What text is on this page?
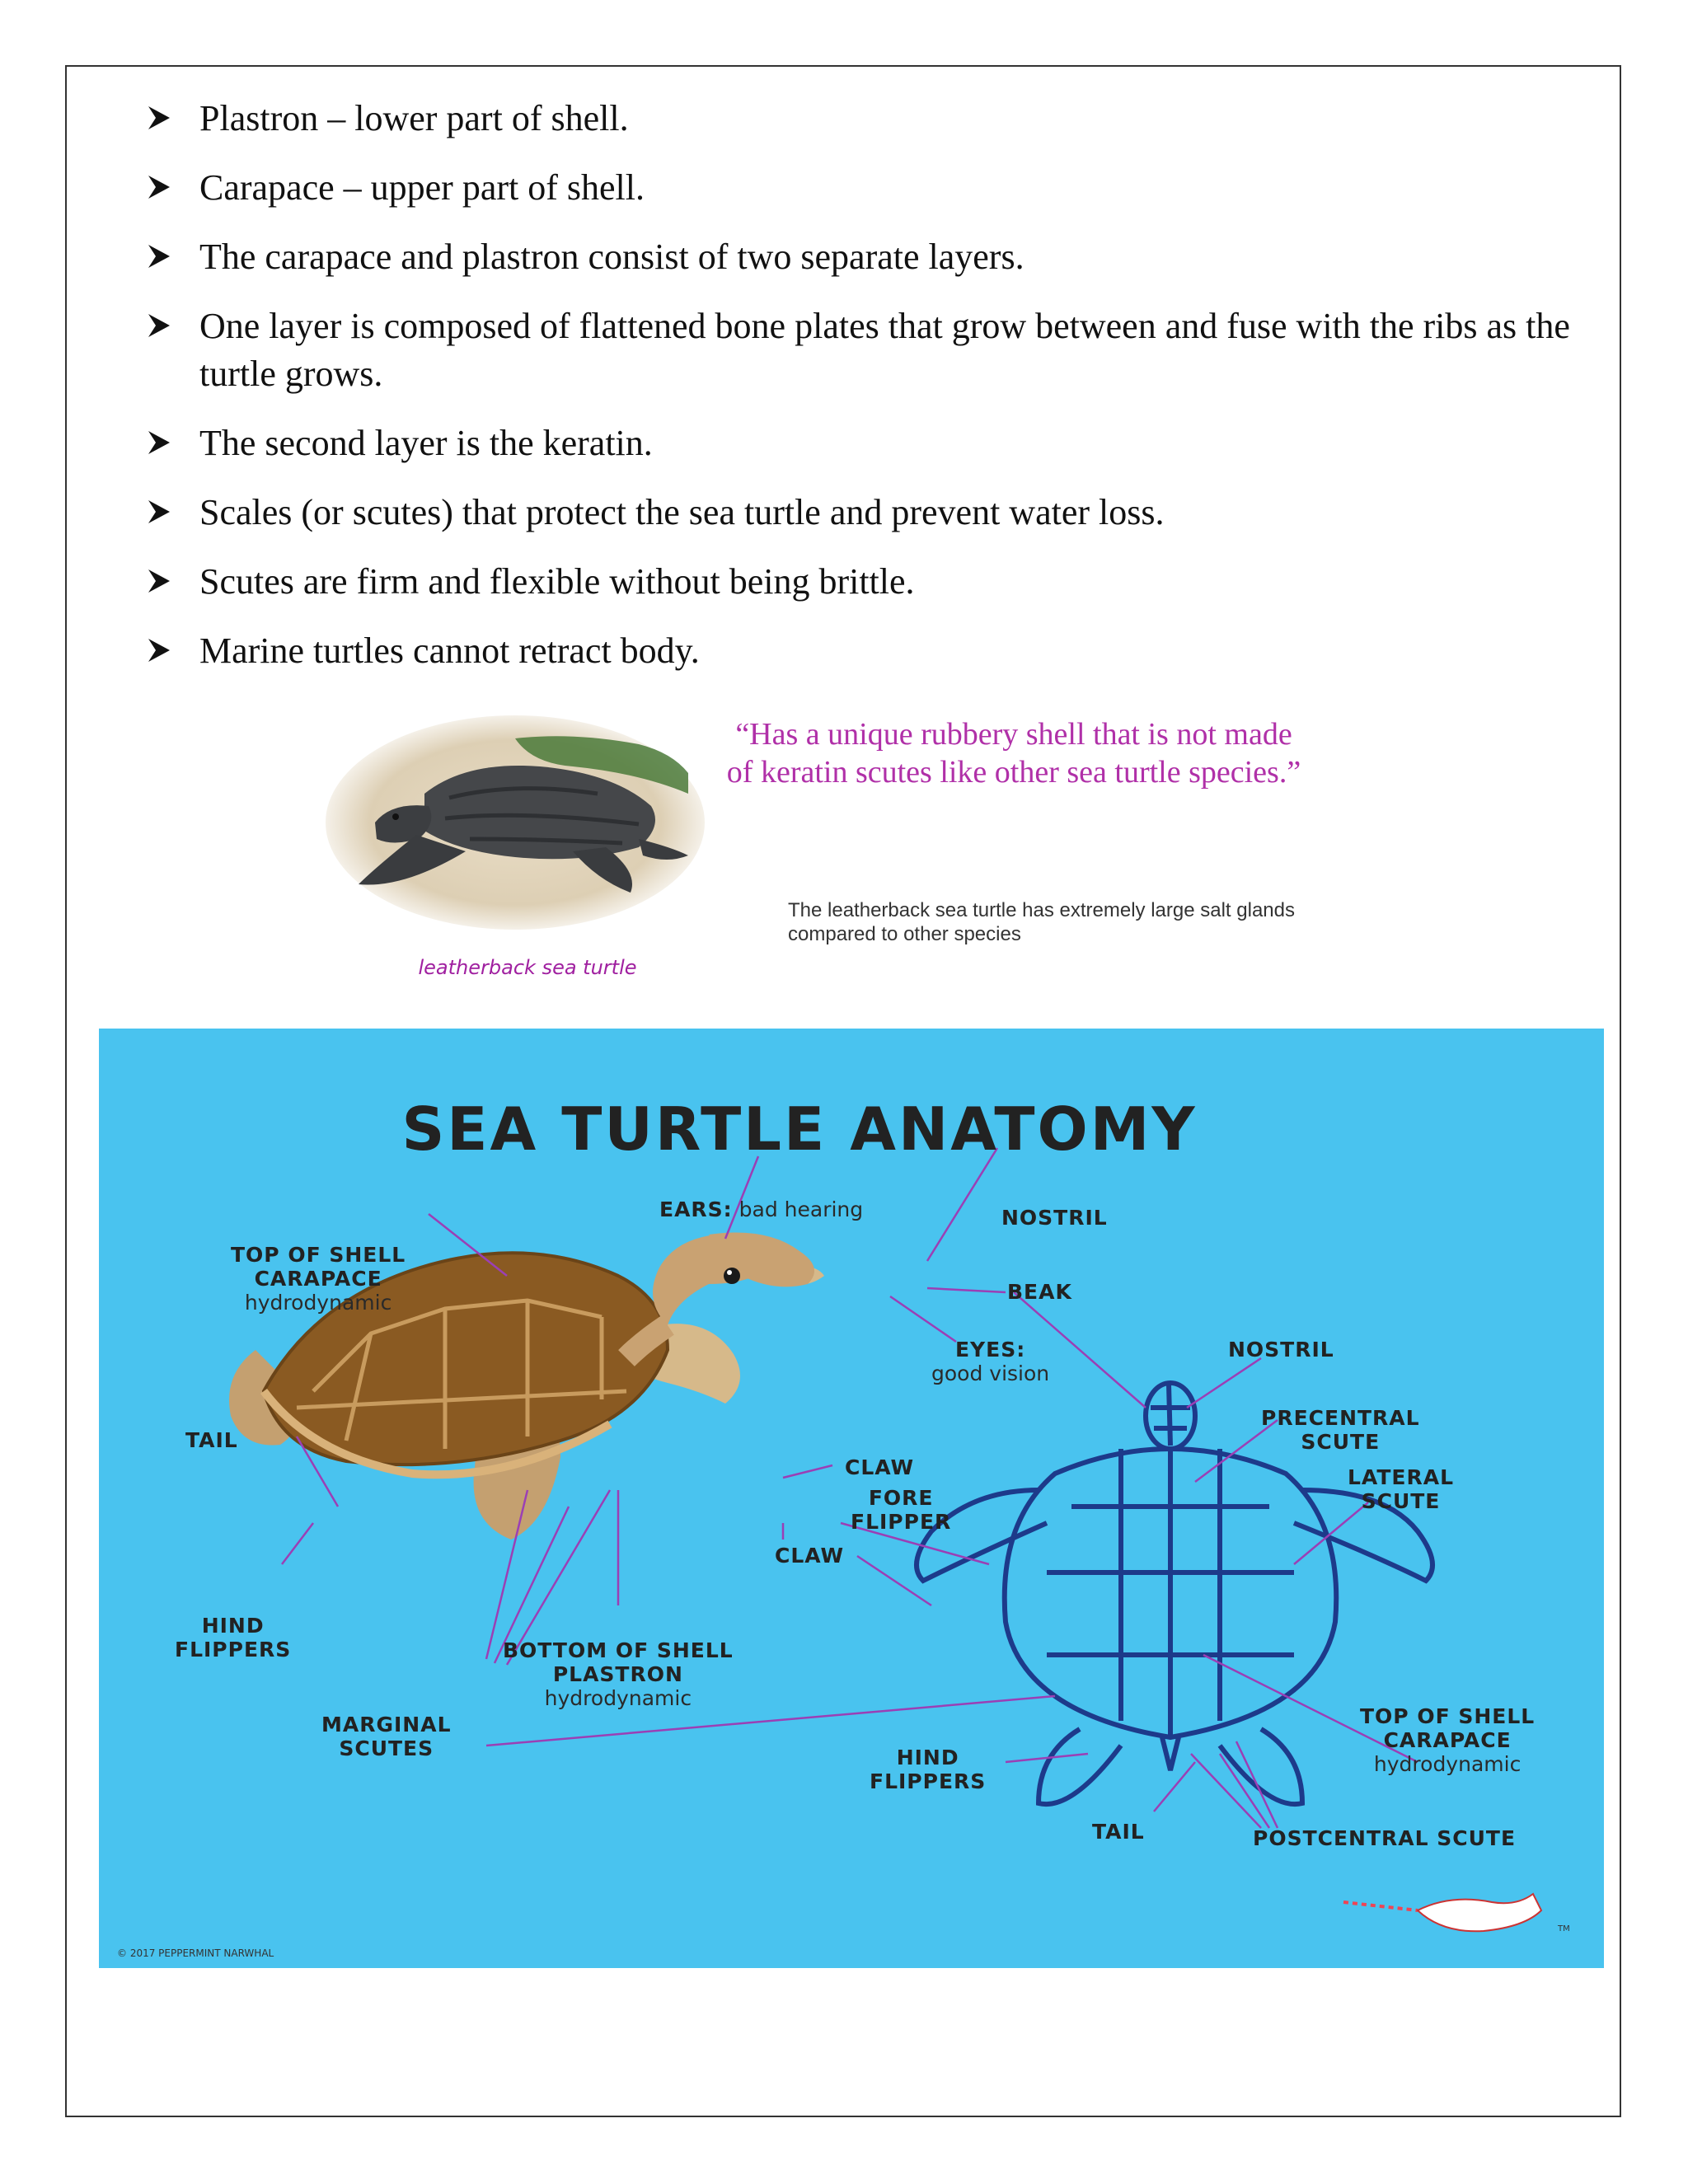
Plastron – lower part of shell.
Carapace – upper part of shell.
The carapace and plastron consist of two separate layers.
One layer is composed of flattened bone plates that grow between and fuse with the ribs as the turtle grows.
The second layer is the keratin.
Scales (or scutes) that protect the sea turtle and prevent water loss.
Scutes are firm and flexible without being brittle.
Marine turtles cannot retract body.
leatherback sea turtle
“Has a unique rubbery shell that is not made of keratin scutes like other sea turtle species.”
The leatherback sea turtle has extremely large salt glands compared to other species
TM
SEA TURTLE ANATOMY
EARS: bad hearing	NOSTRIL
TOP OF SHELL
CARAPACE
hydrodynamic	BEAK
EYES:
good vision
NOSTRIL
PRECENTRAL
SCUTE
TAIL
CLAW	LATERAL
SCUTE
FORE
FLIPPER
CLAW
HIND
FLIPPERS	BOTTOM OF SHELL
PLASTRON
hydrodynamic
MARGINAL
SCUTES
TOP OF SHELL
CARAPACE
hydrodynamic
HIND
FLIPPERS
TAIL	POSTCENTRAL SCUTE
© 2017 PEPPERMINT NARWHAL
